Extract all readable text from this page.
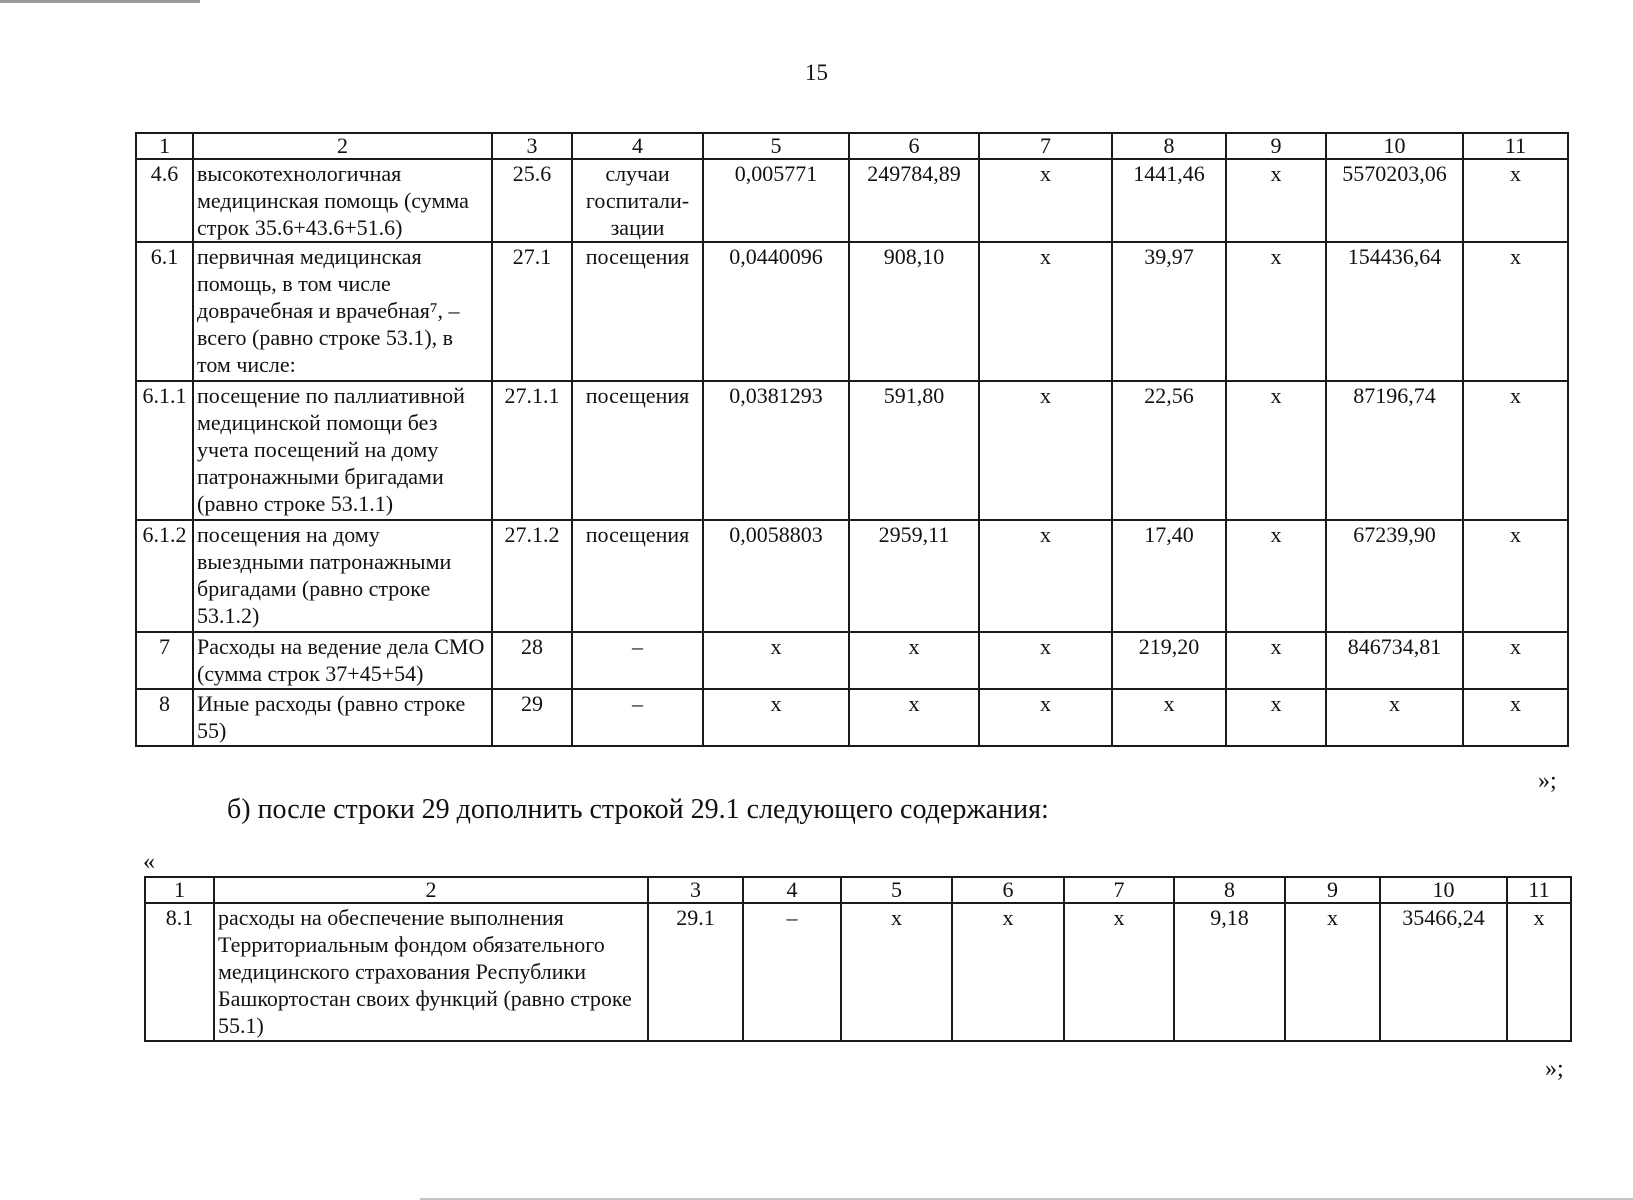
15
1	2	3	4	5	6	7	8	9	10	11
4.6	высокотехнологичная медицинская помощь (сумма строк 35.6+43.6+51.6)	25.6	случаи госпитали-зации	0,005771	249784,89	x	1441,46	x	5570203,06	x
6.1	первичная медицинская помощь, в том числе доврачебная и врачебная⁷, – всего (равно строке 53.1), в том числе:	27.1	посещения	0,0440096	908,10	x	39,97	x	154436,64	x
6.1.1	посещение по паллиативной медицинской помощи без учета посещений на дому патронажными бригадами (равно строке 53.1.1)	27.1.1	посещения	0,0381293	591,80	x	22,56	x	87196,74	x
6.1.2	посещения на дому выездными патронажными бригадами (равно строке 53.1.2)	27.1.2	посещения	0,0058803	2959,11	x	17,40	x	67239,90	x
7	Расходы на ведение дела СМО (сумма строк 37+45+54)	28	–	x	x	x	219,20	x	846734,81	x
8	Иные расходы (равно строке 55)	29	–	x	x	x	x	x	x	x
»;
б) после строки 29 дополнить строкой 29.1 следующего содержания:
«
1	2	3	4	5	6	7	8	9	10	11
8.1	расходы на обеспечение выполнения Территориальным фондом обязательного медицинского страхования Республики Башкортостан своих функций (равно строке 55.1)	29.1	–	x	x	x	9,18	x	35466,24	x
»;
